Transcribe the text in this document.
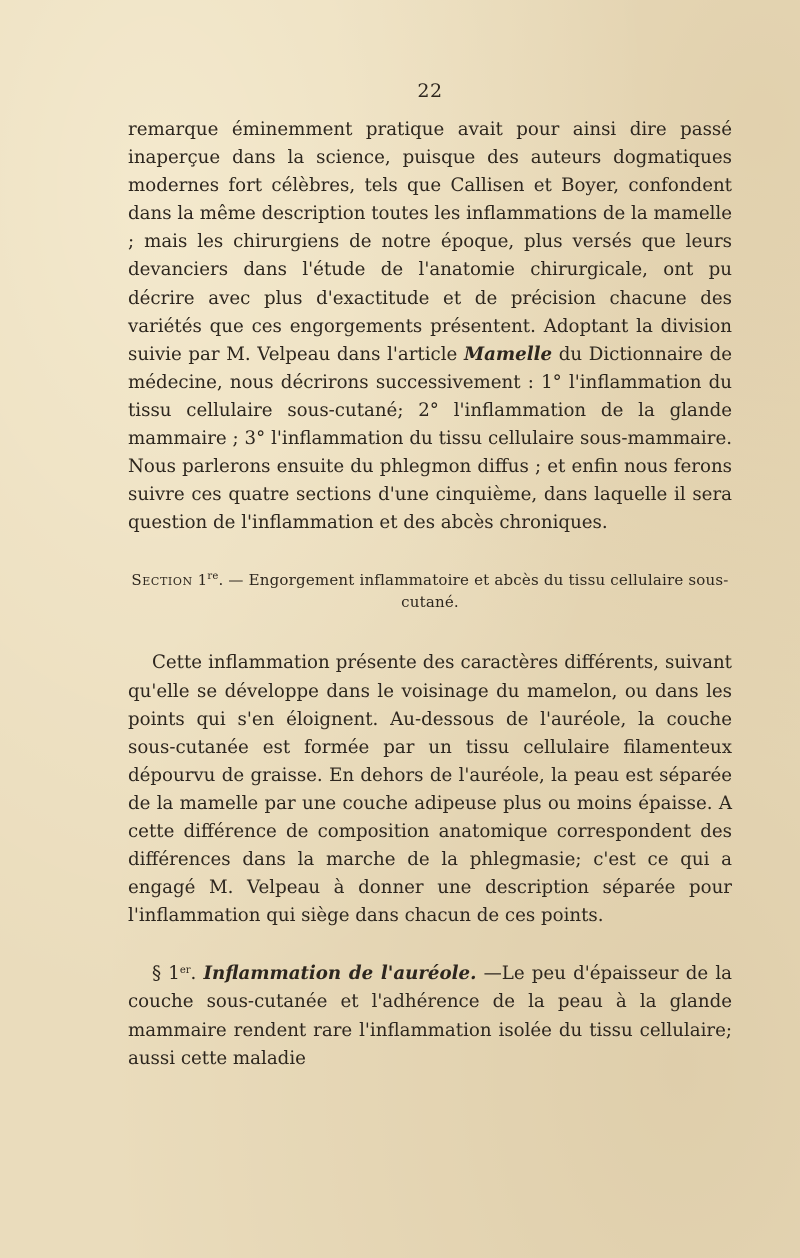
22

remarque éminemment pratique avait pour ainsi dire passé inaperçue dans la science, puisque des auteurs dogmatiques modernes fort célèbres, tels que Callisen et Boyer, confondent dans la même description toutes les inflammations de la mamelle ; mais les chirurgiens de notre époque, plus versés que leurs devanciers dans l'étude de l'anatomie chirurgicale, ont pu décrire avec plus d'exactitude et de précision chacune des variétés que ces engorgements présentent. Adoptant la division suivie par M. Velpeau dans l'article Mamelle du Dictionnaire de médecine, nous décrirons successivement : 1° l'inflammation du tissu cellulaire sous-cutané; 2° l'inflammation de la glande mammaire ; 3° l'inflammation du tissu cellulaire sous-mammaire. Nous parlerons ensuite du phlegmon diffus ; et enfin nous ferons suivre ces quatre sections d'une cinquième, dans laquelle il sera question de l'inflammation et des abcès chroniques.

Section 1re. — Engorgement inflammatoire et abcès du tissu cellulaire sous-cutané.

Cette inflammation présente des caractères différents, suivant qu'elle se développe dans le voisinage du mamelon, ou dans les points qui s'en éloignent. Au-dessous de l'auréole, la couche sous-cutanée est formée par un tissu cellulaire filamenteux dépourvu de graisse. En dehors de l'auréole, la peau est séparée de la mamelle par une couche adipeuse plus ou moins épaisse. A cette différence de composition anatomique correspondent des différences dans la marche de la phlegmasie; c'est ce qui a engagé M. Velpeau à donner une description séparée pour l'inflammation qui siège dans chacun de ces points.

§ 1er. Inflammation de l'auréole. —Le peu d'épaisseur de la couche sous-cutanée et l'adhérence de la peau à la glande mammaire rendent rare l'inflammation isolée du tissu cellulaire; aussi cette maladie
